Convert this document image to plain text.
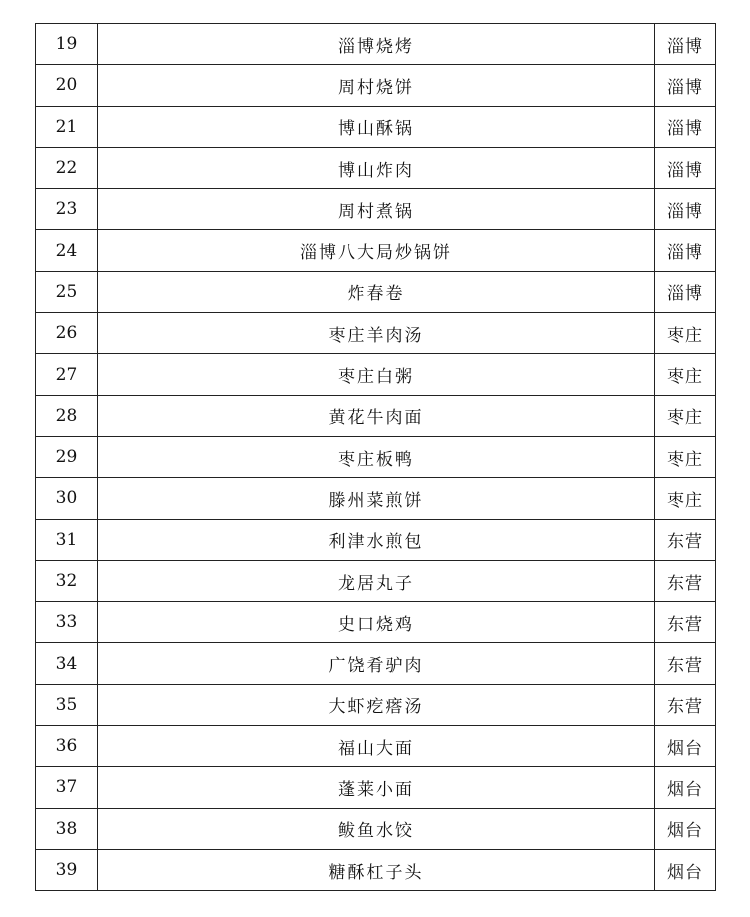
19	淄博烧烤	淄博
20	周村烧饼	淄博
21	博山酥锅	淄博
22	博山炸肉	淄博
23	周村煮锅	淄博
24	淄博八大局炒锅饼	淄博
25	炸春卷	淄博
26	枣庄羊肉汤	枣庄
27	枣庄白粥	枣庄
28	黄花牛肉面	枣庄
29	枣庄板鸭	枣庄
30	滕州菜煎饼	枣庄
31	利津水煎包	东营
32	龙居丸子	东营
33	史口烧鸡	东营
34	广饶肴驴肉	东营
35	大虾疙瘩汤	东营
36	福山大面	烟台
37	蓬莱小面	烟台
38	鲅鱼水饺	烟台
39	糖酥杠子头	烟台
